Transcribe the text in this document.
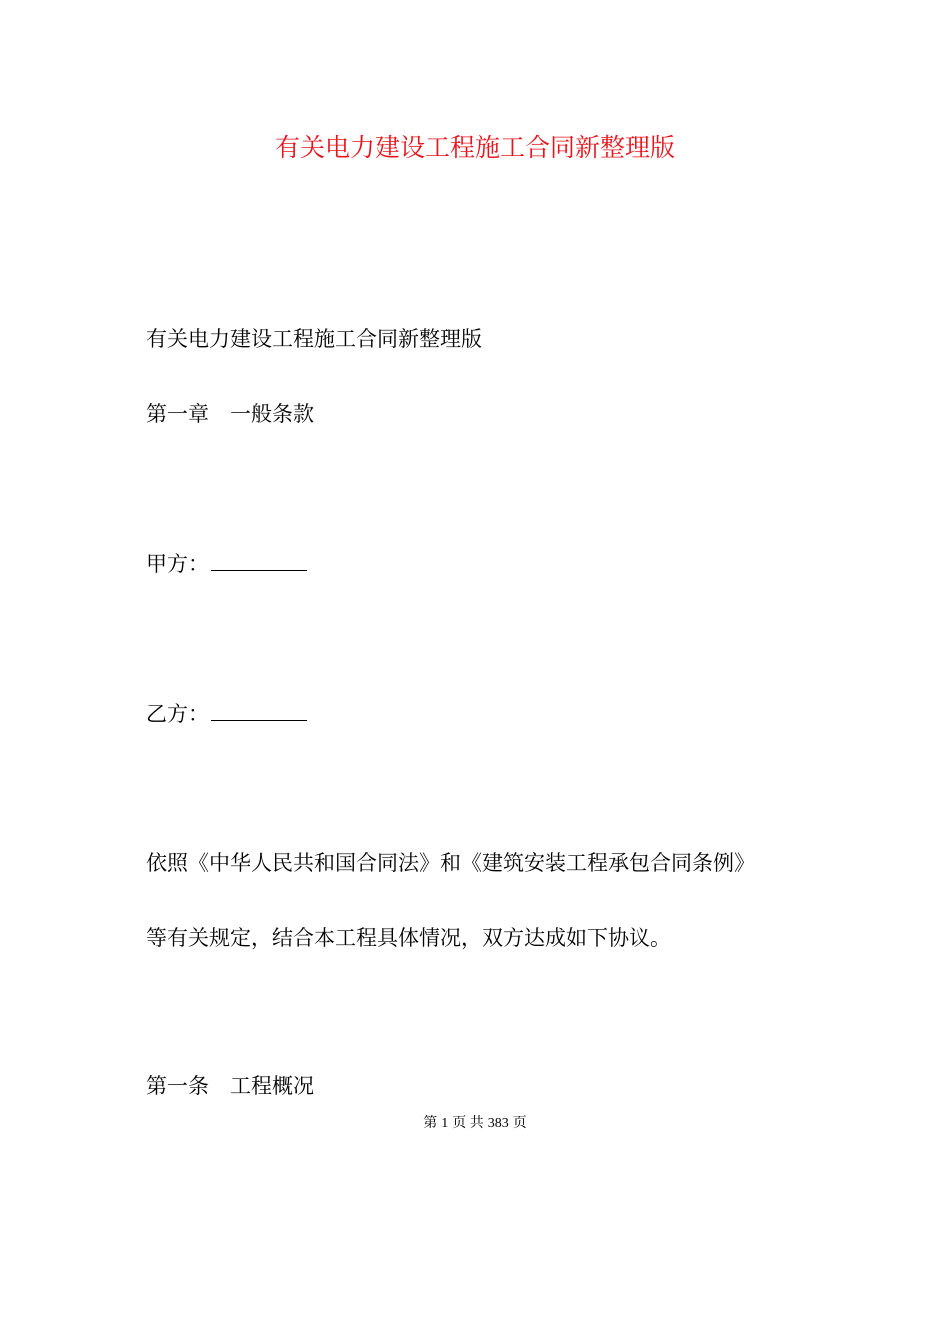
有关电力建设工程施工合同新整理版
有关电力建设工程施工合同新整理版
第一章　一般条款
甲方：
乙方：
依照《中华人民共和国合同法》和《建筑安装工程承包合同条例》
等有关规定，结合本工程具体情况，双方达成如下协议。
第一条　工程概况
第 1 页 共 383 页
